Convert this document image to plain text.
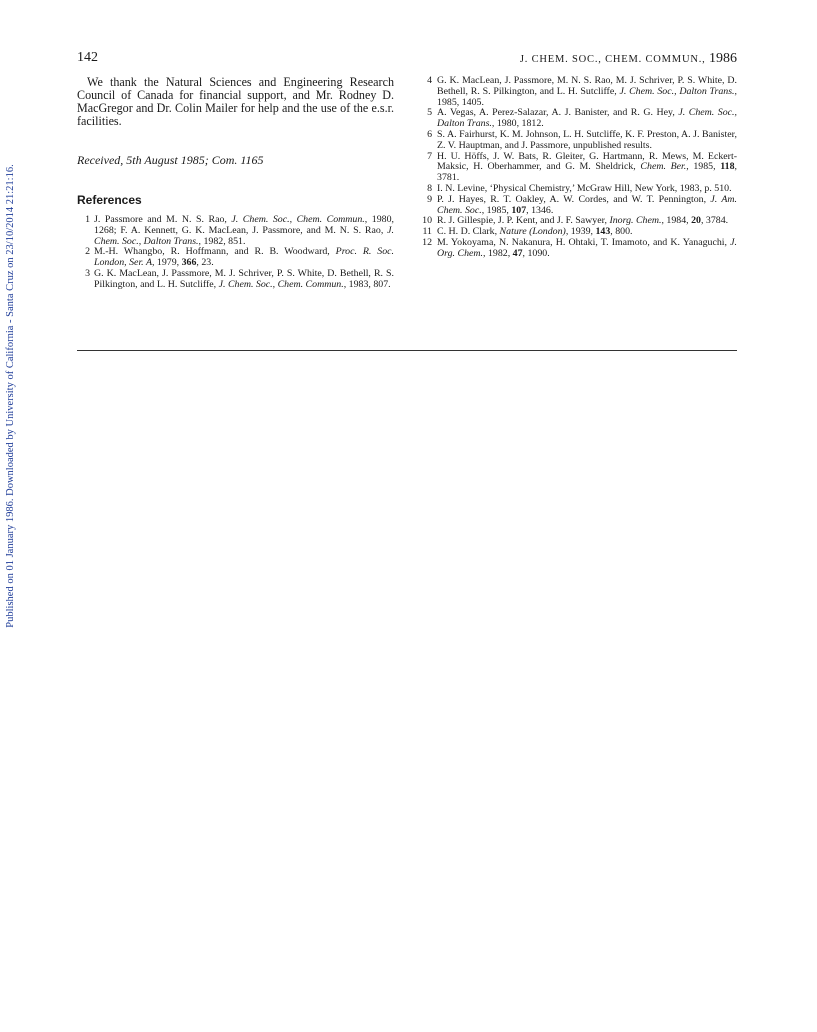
142	J. CHEM. SOC., CHEM. COMMUN., 1986
Published on 01 January 1986. Downloaded by University of California - Santa Cruz on 23/10/2014 21:21:16.

We thank the Natural Sciences and Engineering Research Council of Canada for financial support, and Mr. Rodney D. MacGregor and Dr. Colin Mailer for help and the use of the e.s.r. facilities.

Received, 5th August 1985; Com. 1165

References

1 J. Passmore and M. N. S. Rao, J. Chem. Soc., Chem. Commun., 1980, 1268; F. A. Kennett, G. K. MacLean, J. Passmore, and M. N. S. Rao, J. Chem. Soc., Dalton Trans., 1982, 851.

2 M.-H. Whangbo, R. Hoffmann, and R. B. Woodward, Proc. R. Soc. London, Ser. A, 1979, 366, 23.

3 G. K. MacLean, J. Passmore, M. J. Schriver, P. S. White, D. Bethell, R. S. Pilkington, and L. H. Sutcliffe, J. Chem. Soc., Chem. Commun., 1983, 807.

4 G. K. MacLean, J. Passmore, M. N. S. Rao, M. J. Schriver, P. S. White, D. Bethell, R. S. Pilkington, and L. H. Sutcliffe, J. Chem. Soc., Dalton Trans., 1985, 1405.

5 A. Vegas, A. Perez-Salazar, A. J. Banister, and R. G. Hey, J. Chem. Soc., Dalton Trans., 1980, 1812.

6 S. A. Fairhurst, K. M. Johnson, L. H. Sutcliffe, K. F. Preston, A. J. Banister, Z. V. Hauptman, and J. Passmore, unpublished results.

7 H. U. Höffs, J. W. Bats, R. Gleiter, G. Hartmann, R. Mews, M. Eckert-Maksic, H. Oberhammer, and G. M. Sheldrick, Chem. Ber., 1985, 118, 3781.

8 I. N. Levine, ‘Physical Chemistry,’ McGraw Hill, New York, 1983, p. 510.

9 P. J. Hayes, R. T. Oakley, A. W. Cordes, and W. T. Pennington, J. Am. Chem. Soc., 1985, 107, 1346.

10 R. J. Gillespie, J. P. Kent, and J. F. Sawyer, Inorg. Chem., 1984, 20, 3784.

11 C. H. D. Clark, Nature (London), 1939, 143, 800.

12 M. Yokoyama, N. Nakanura, H. Ohtaki, T. Imamoto, and K. Yanaguchi, J. Org. Chem., 1982, 47, 1090.
